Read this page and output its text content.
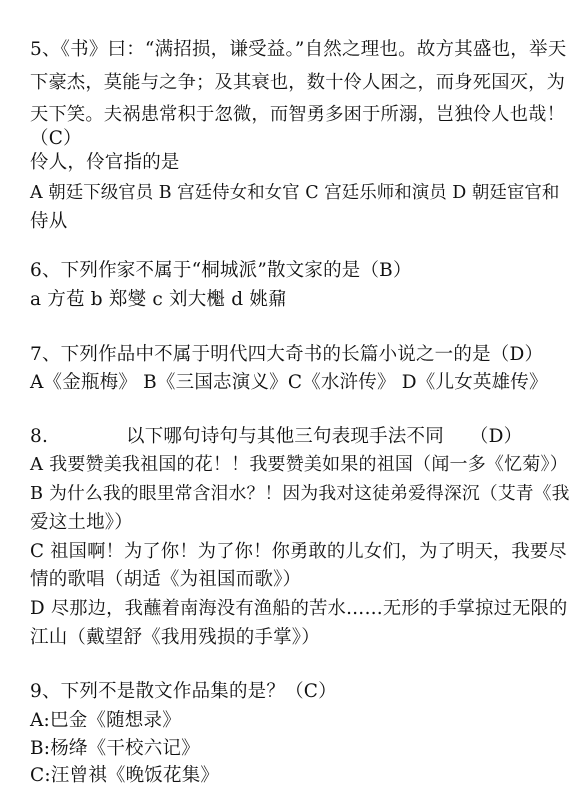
5、《书》曰：“满招损，谦受益。”自然之理也。故方其盛也，举天
下豪杰，莫能与之争；及其衰也，数十伶人困之，而身死国灭，为
天下笑。夫祸患常积于忽微，而智勇多困于所溺，岂独伶人也哉！
（C）
伶人，伶官指的是
A 朝廷下级官员 B 宫廷侍女和女官 C 宫廷乐师和演员 D 朝廷宦官和
侍从
6、下列作家不属于“桐城派”散文家的是（B）
a 方苞 b 郑燮 c 刘大櫆 d 姚鼐
7、下列作品中不属于明代四大奇书的长篇小说之一的是（D）
A《金瓶梅》 B《三国志演义》C《水浒传》 D《儿女英雄传》
8.	以下哪句诗句与其他三句表现手法不同 （D）
A 我要赞美我祖国的花！！我要赞美如果的祖国（闻一多《忆菊》）
B 为什么我的眼里常含泪水？！因为我对这徒弟爱得深沉（艾青《我
爱这土地》）
C 祖国啊！为了你！为了你！你勇敢的儿女们，为了明天，我要尽
情的歌唱（胡适《为祖国而歌》）
D 尽那边，我蘸着南海没有渔船的苦水……无形的手掌掠过无限的
江山（戴望舒《我用残损的手掌》）
9、下列不是散文作品集的是？（C）
A:巴金《随想录》
B:杨绛《干校六记》
C:汪曾祺《晚饭花集》
